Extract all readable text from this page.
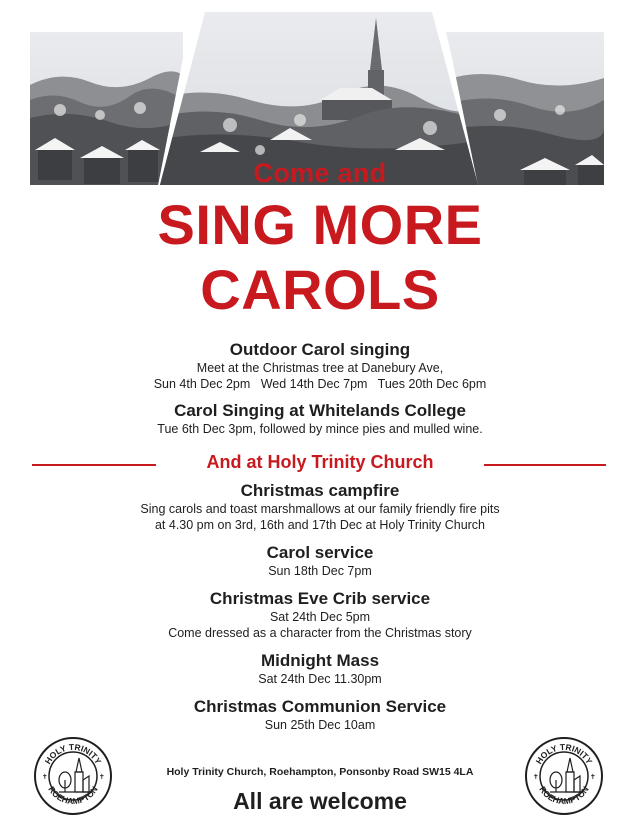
Come and
SING MORE
CAROLS
Outdoor Carol singing
Meet at the Christmas tree at Danebury Ave,
Sun 4th Dec 2pm   Wed 14th Dec 7pm   Tues 20th Dec 6pm
Carol Singing at Whitelands College
Tue 6th Dec 3pm, followed by mince pies and mulled wine.
And at Holy Trinity Church
Christmas campfire
Sing carols and toast marshmallows at our family friendly fire pits
at 4.30 pm on 3rd, 16th and 17th Dec at Holy Trinity Church
Carol service
Sun 18th Dec 7pm
Christmas Eve Crib service
Sat 24th Dec 5pm
Come dressed as a character from the Christmas story
Midnight Mass
Sat 24th Dec 11.30pm
Christmas Communion Service
Sun 25th Dec 10am
HOLY TRINITY
ROEHAMPTON
✝	✝
HOLY TRINITY
ROEHAMPTON
✝	✝
Holy Trinity Church, Roehampton, Ponsonby Road SW15 4LA
All are welcome
